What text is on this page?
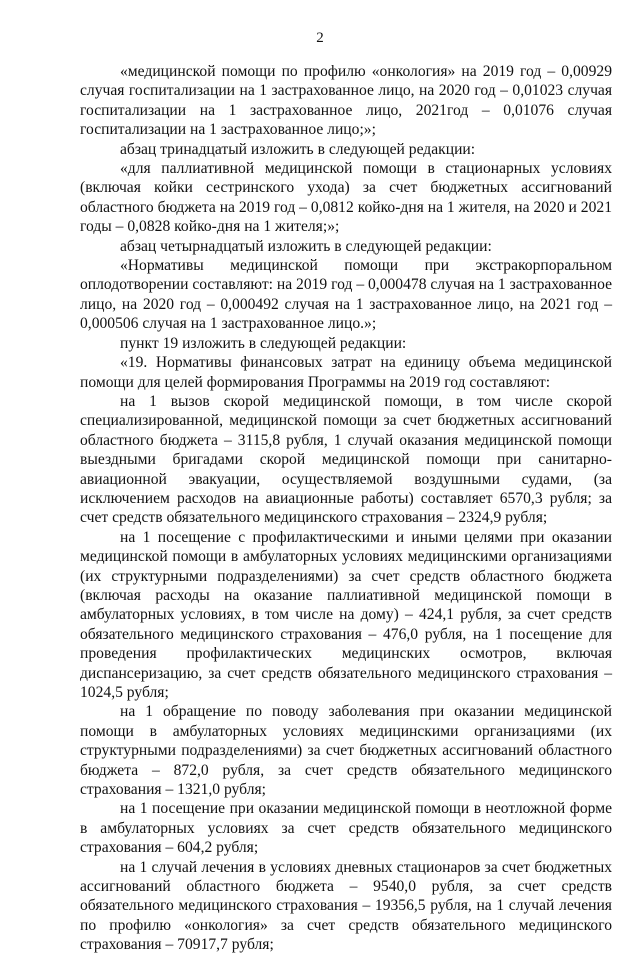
2

«медицинской помощи по профилю «онкология» на 2019 год – 0,00929 случая госпитализации на 1 застрахованное лицо, на 2020 год – 0,01023 случая госпитализации на 1 застрахованное лицо, 2021год – 0,01076 случая госпитализации на 1 застрахованное лицо;»;

абзац тринадцатый изложить в следующей редакции:

«для паллиативной медицинской помощи в стационарных условиях (включая койки сестринского ухода) за счет бюджетных ассигнований областного бюджета на 2019 год – 0,0812 койко-дня на 1 жителя, на 2020 и 2021 годы – 0,0828 койко-дня на 1 жителя;»;

абзац четырнадцатый изложить в следующей редакции:

«Нормативы медицинской помощи при экстракорпоральном оплодотворении составляют: на 2019 год – 0,000478 случая на 1 застрахованное лицо, на 2020 год – 0,000492 случая на 1 застрахованное лицо, на 2021 год – 0,000506 случая на 1 застрахованное лицо.»;

пункт 19 изложить в следующей редакции:

«19. Нормативы финансовых затрат на единицу объема медицинской помощи для целей формирования Программы на 2019 год составляют:

на 1 вызов скорой медицинской помощи, в том числе скорой специализированной, медицинской помощи за счет бюджетных ассигнований областного бюджета – 3115,8 рубля, 1 случай оказания медицинской помощи выездными бригадами скорой медицинской помощи при санитарно-авиационной эвакуации, осуществляемой воздушными судами, (за исключением расходов на авиационные работы) составляет 6570,3 рубля; за счет средств обязательного медицинского страхования – 2324,9 рубля;

на 1 посещение с профилактическими и иными целями при оказании медицинской помощи в амбулаторных условиях медицинскими организациями (их структурными подразделениями) за счет средств областного бюджета (включая расходы на оказание паллиативной медицинской помощи в амбулаторных условиях, в том числе на дому) – 424,1 рубля, за счет средств обязательного медицинского страхования – 476,0 рубля, на 1 посещение для проведения профилактических медицинских осмотров, включая диспансеризацию, за счет средств обязательного медицинского страхования – 1024,5 рубля;

на 1 обращение по поводу заболевания при оказании медицинской помощи в амбулаторных условиях медицинскими организациями (их структурными подразделениями) за счет бюджетных ассигнований областного бюджета – 872,0 рубля, за счет средств обязательного медицинского страхования – 1321,0 рубля;

на 1 посещение при оказании медицинской помощи в неотложной форме в амбулаторных условиях за счет средств обязательного медицинского страхования – 604,2 рубля;

на 1 случай лечения в условиях дневных стационаров за счет бюджетных ассигнований областного бюджета – 9540,0 рубля, за счет средств обязательного медицинского страхования – 19356,5 рубля, на 1 случай лечения по профилю «онкология» за счет средств обязательного медицинского страхования – 70917,7 рубля;
